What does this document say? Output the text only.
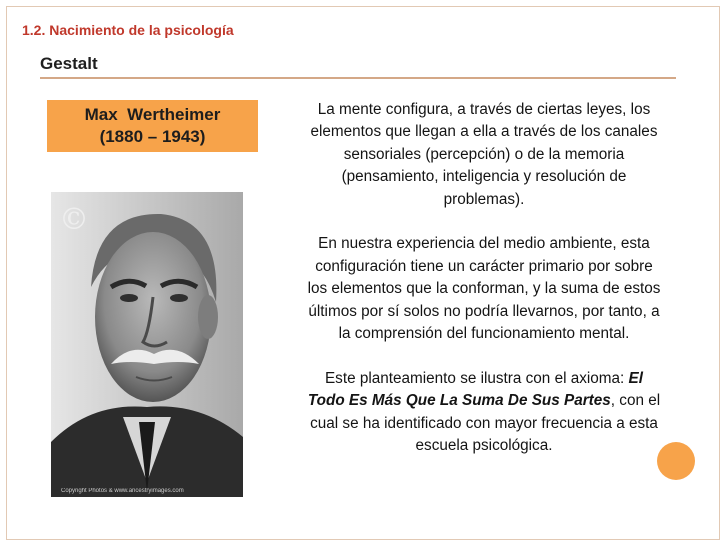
1.2. Nacimiento de la psicología
Gestalt
Max  Wertheimer
(1880 – 1943)
©
Copyright Photos & www.ancestryimages.com

La mente configura, a través de ciertas leyes, los elementos que llegan a ella a través de los canales sensoriales (percepción) o de la memoria (pensamiento, inteligencia y resolución de problemas).

En nuestra experiencia del medio ambiente, esta configuración tiene un carácter primario por sobre los elementos que la conforman, y la suma de estos últimos por sí solos no podría llevarnos, por tanto, a la comprensión del funcionamiento mental.

Este planteamiento se ilustra con el axioma: El Todo Es Más Que La Suma De Sus Partes, con el cual se ha identificado con mayor frecuencia a esta escuela psicológica.
